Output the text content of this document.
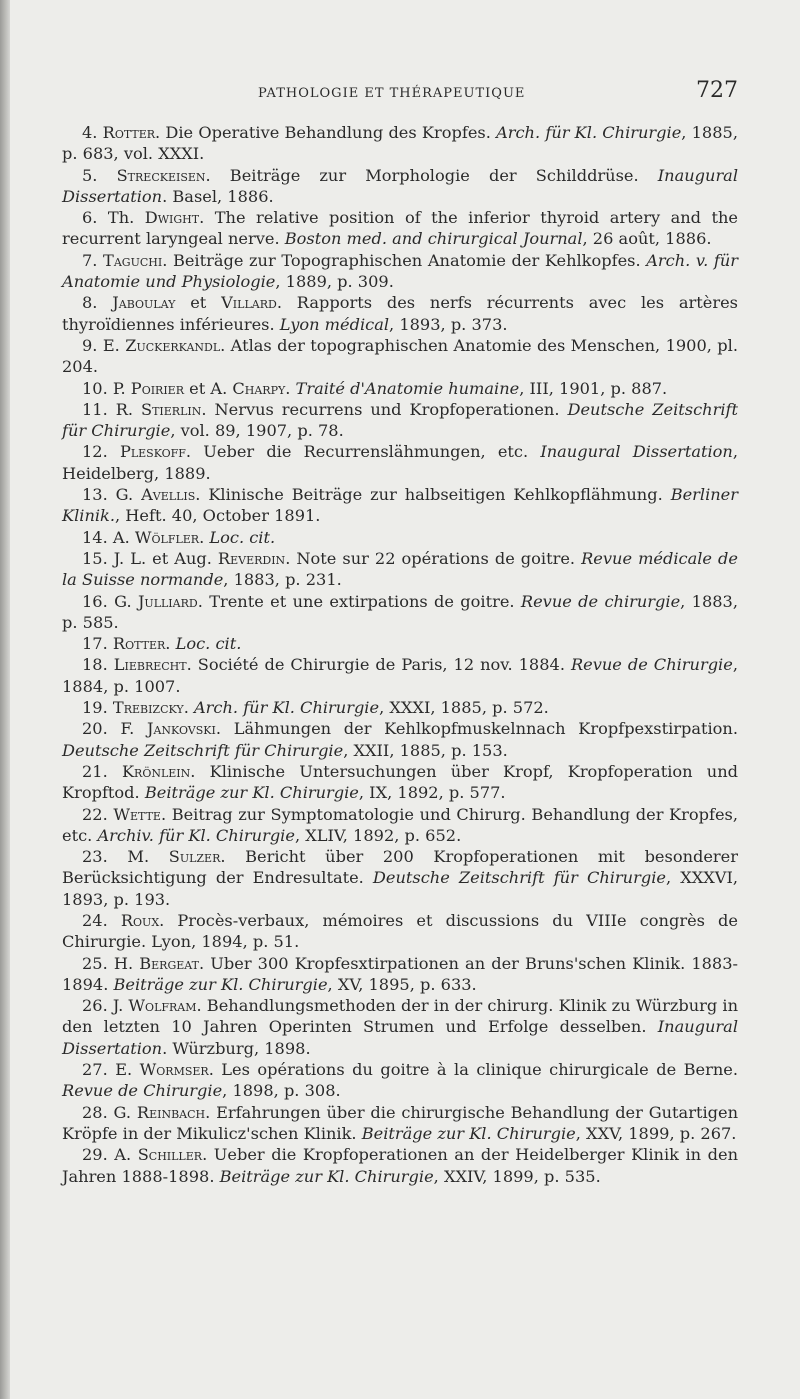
PATHOLOGIE ET THÉRAPEUTIQUE	727

4. Rotter. Die Operative Behandlung des Kropfes. Arch. für Kl. Chirurgie, 1885, p. 683, vol. XXXI.

5. Streckeisen. Beiträge zur Morphologie der Schilddrüse. Inaugural Dissertation. Basel, 1886.

6. Th. Dwight. The relative position of the inferior thyroid artery and the recurrent laryngeal nerve. Boston med. and chirurgical Journal, 26 août, 1886.

7. Taguchi. Beiträge zur Topographischen Anatomie der Kehlkopfes. Arch. v. für Anatomie und Physiologie, 1889, p. 309.

8. Jaboulay et Villard. Rapports des nerfs récurrents avec les artères thyroïdiennes inférieures. Lyon médical, 1893, p. 373.

9. E. Zuckerkandl. Atlas der topographischen Anatomie des Menschen, 1900, pl. 204.

10. P. Poirier et A. Charpy. Traité d'Anatomie humaine, III, 1901, p. 887.

11. R. Stierlin. Nervus recurrens und Kropfoperationen. Deutsche Zeitschrift für Chirurgie, vol. 89, 1907, p. 78.

12. Pleskoff. Ueber die Recurrenslähmungen, etc. Inaugural Dissertation, Heidelberg, 1889.

13. G. Avellis. Klinische Beiträge zur halbseitigen Kehlkopflähmung. Berliner Klinik., Heft. 40, October 1891.

14. A. Wölfler. Loc. cit.

15. J. L. et Aug. Reverdin. Note sur 22 opérations de goitre. Revue médicale de la Suisse normande, 1883, p. 231.

16. G. Julliard. Trente et une extirpations de goitre. Revue de chirurgie, 1883, p. 585.

17. Rotter. Loc. cit.

18. Liebrecht. Société de Chirurgie de Paris, 12 nov. 1884. Revue de Chirurgie, 1884, p. 1007.

19. Trebizcky. Arch. für Kl. Chirurgie, XXXI, 1885, p. 572.

20. F. Jankovski. Lähmungen der Kehlkopfmuskelnnach Kropfpexstirpation. Deutsche Zeitschrift für Chirurgie, XXII, 1885, p. 153.

21. Krönlein. Klinische Untersuchungen über Kropf, Kropfoperation und Kropftod. Beiträge zur Kl. Chirurgie, IX, 1892, p. 577.

22. Wette. Beitrag zur Symptomatologie und Chirurg. Behandlung der Kropfes, etc. Archiv. für Kl. Chirurgie, XLIV, 1892, p. 652.

23. M. Sulzer. Bericht über 200 Kropfoperationen mit besonderer Berücksichtigung der Endresultate. Deutsche Zeitschrift für Chirurgie, XXXVI, 1893, p. 193.

24. Roux. Procès-verbaux, mémoires et discussions du VIIIe congrès de Chirurgie. Lyon, 1894, p. 51.

25. H. Bergeat. Uber 300 Kropfesxtirpationen an der Bruns'schen Klinik. 1883-1894. Beiträge zur Kl. Chirurgie, XV, 1895, p. 633.

26. J. Wolfram. Behandlungsmethoden der in der chirurg. Klinik zu Würzburg in den letzten 10 Jahren Operinten Strumen und Erfolge desselben. Inaugural Dissertation. Würzburg, 1898.

27. E. Wormser. Les opérations du goitre à la clinique chirurgicale de Berne. Revue de Chirurgie, 1898, p. 308.

28. G. Reinbach. Erfahrungen über die chirurgische Behandlung der Gutartigen Kröpfe in der Mikulicz'schen Klinik. Beiträge zur Kl. Chirurgie, XXV, 1899, p. 267.

29. A. Schiller. Ueber die Kropfoperationen an der Heidelberger Klinik in den Jahren 1888-1898. Beiträge zur Kl. Chirurgie, XXIV, 1899, p. 535.
